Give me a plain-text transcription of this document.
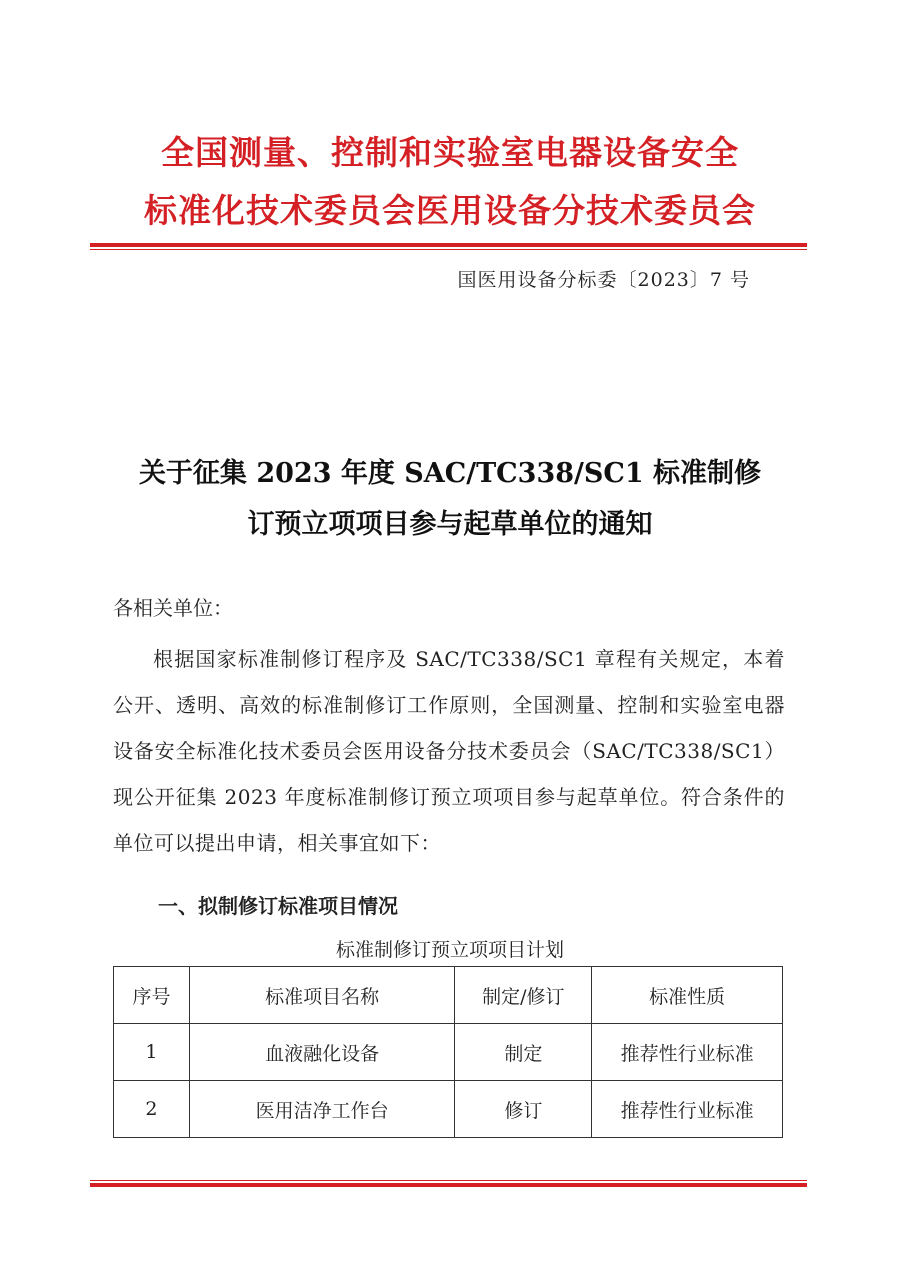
全国测量、控制和实验室电器设备安全
标准化技术委员会医用设备分技术委员会
国医用设备分标委〔2023〕7 号
关于征集 2023 年度 SAC/TC338/SC1 标准制修
订预立项项目参与起草单位的通知
各相关单位：
根据国家标准制修订程序及 SAC/TC338/SC1 章程有关规定，本着公开、透明、高效的标准制修订工作原则，全国测量、控制和实验室电器设备安全标准化技术委员会医用设备分技术委员会（SAC/TC338/SC1）现公开征集 2023 年度标准制修订预立项项目参与起草单位。符合条件的单位可以提出申请，相关事宜如下：
一、拟制修订标准项目情况
标准制修订预立项项目计划
序号	标准项目名称	制定/修订	标准性质
1	血液融化设备	制定	推荐性行业标准
2	医用洁净工作台	修订	推荐性行业标准
